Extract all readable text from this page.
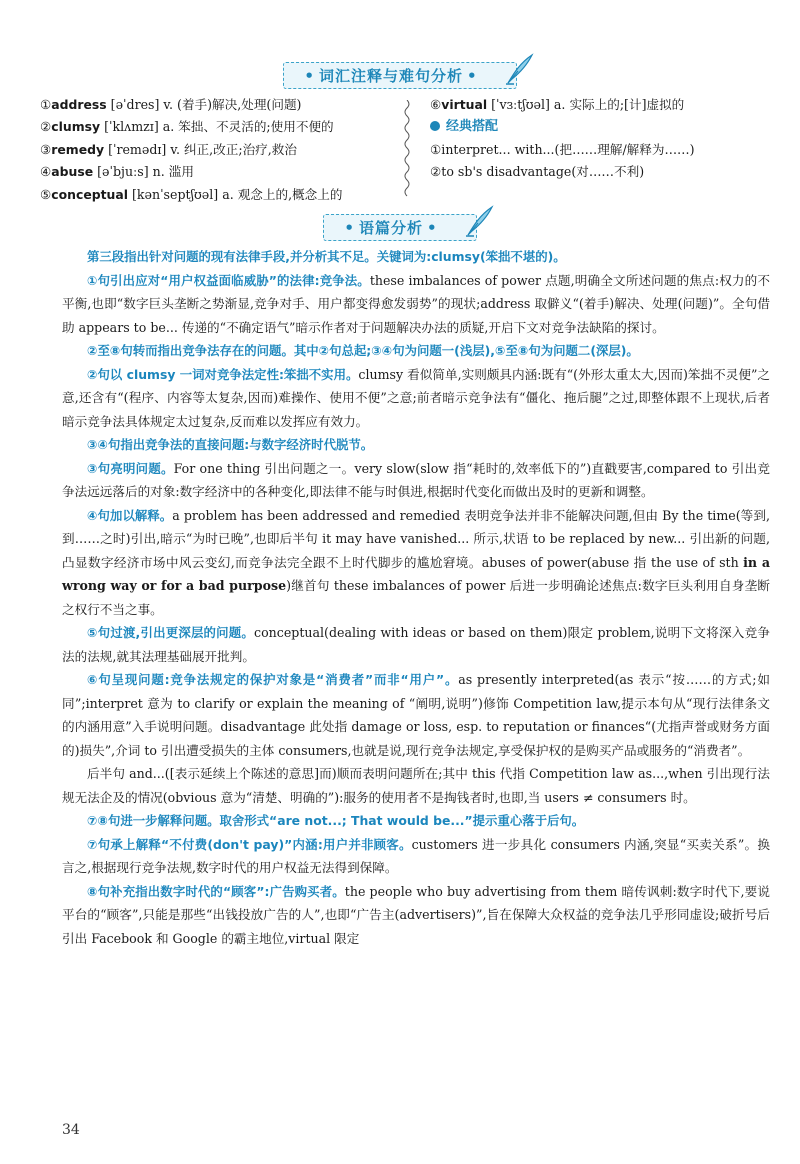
• 词汇注释与难句分析 •
①address [əˈdres] v. (着手)解决,处理(问题)
②clumsy [ˈklʌmzɪ] a. 笨拙、不灵活的;使用不便的
③remedy [ˈremədɪ] v. 纠正,改正;治疗,救治
④abuse [əˈbjuːs] n. 滥用
⑤conceptual [kənˈseptʃʊəl] a. 观念上的,概念上的
⑥virtual [ˈvɜːtʃʊəl] a. 实际上的;[计]虚拟的
经典搭配
①interpret... with...(把……理解/解释为……)
②to sb's disadvantage(对……不利)
• 语篇分析 •

第三段指出针对问题的现有法律手段,并分析其不足。关键词为:clumsy(笨拙不堪的)。

①句引出应对“用户权益面临威胁”的法律:竞争法。these imbalances of power 点题,明确全文所述问题的焦点:权力的不平衡,也即“数字巨头垄断之势渐显,竞争对手、用户都变得愈发弱势”的现状;address 取僻义“(着手)解决、处理(问题)”。全句借助 appears to be... 传递的“不确定语气”暗示作者对于问题解决办法的质疑,开启下文对竞争法缺陷的探讨。

②至⑧句转而指出竞争法存在的问题。其中②句总起;③④句为问题一(浅层),⑤至⑧句为问题二(深层)。

②句以 clumsy 一词对竞争法定性:笨拙不实用。clumsy 看似简单,实则颇具内涵:既有“(外形太重太大,因而)笨拙不灵便”之意,还含有“(程序、内容等太复杂,因而)难操作、使用不便”之意;前者暗示竞争法有“僵化、拖后腿”之过,即整体跟不上现状,后者暗示竞争法具体规定太过复杂,反而难以发挥应有效力。

③④句指出竞争法的直接问题:与数字经济时代脱节。

③句亮明问题。For one thing 引出问题之一。very slow(slow 指“耗时的,效率低下的”)直戳要害,compared to 引出竞争法远远落后的对象:数字经济中的各种变化,即法律不能与时俱进,根据时代变化而做出及时的更新和调整。

④句加以解释。a problem has been addressed and remedied 表明竞争法并非不能解决问题,但由 By the time(等到,到……之时)引出,暗示“为时已晚”,也即后半句 it may have vanished... 所示,状语 to be replaced by new... 引出新的问题,凸显数字经济市场中风云变幻,而竞争法完全跟不上时代脚步的尴尬窘境。abuses of power(abuse 指 the use of sth in a wrong way or for a bad purpose)继首句 these imbalances of power 后进一步明确论述焦点:数字巨头利用自身垄断之权行不当之事。

⑤句过渡,引出更深层的问题。conceptual(dealing with ideas or based on them)限定 problem,说明下文将深入竞争法的法规,就其法理基础展开批判。

⑥句呈现问题:竞争法规定的保护对象是“消费者”而非“用户”。as presently interpreted(as 表示“按……的方式;如同”;interpret 意为 to clarify or explain the meaning of “阐明,说明”)修饰 Competition law,提示本句从“现行法律条文的内涵用意”入手说明问题。disadvantage 此处指 damage or loss, esp. to reputation or finances“(尤指声誉或财务方面的)损失”,介词 to 引出遭受损失的主体 consumers,也就是说,现行竞争法规定,享受保护权的是购买产品或服务的“消费者”。

后半句 and...([表示延续上个陈述的意思]而)顺而表明问题所在;其中 this 代指 Competition law as...,when 引出现行法规无法企及的情况(obvious 意为“清楚、明确的”):服务的使用者不是掏钱者时,也即,当 users ≠ consumers 时。

⑦⑧句进一步解释问题。取舍形式“are not...; That would be...”提示重心落于后句。

⑦句承上解释“不付费(don't pay)”内涵:用户并非顾客。customers 进一步具化 consumers 内涵,突显“买卖关系”。换言之,根据现行竞争法规,数字时代的用户权益无法得到保障。

⑧句补充指出数字时代的“顾客”:广告购买者。the people who buy advertising from them 暗传讽刺:数字时代下,要说平台的“顾客”,只能是那些“出钱投放广告的人”,也即“广告主(advertisers)”,旨在保障大众权益的竞争法几乎形同虚设;破折号后引出 Facebook 和 Google 的霸主地位,virtual 限定

34
